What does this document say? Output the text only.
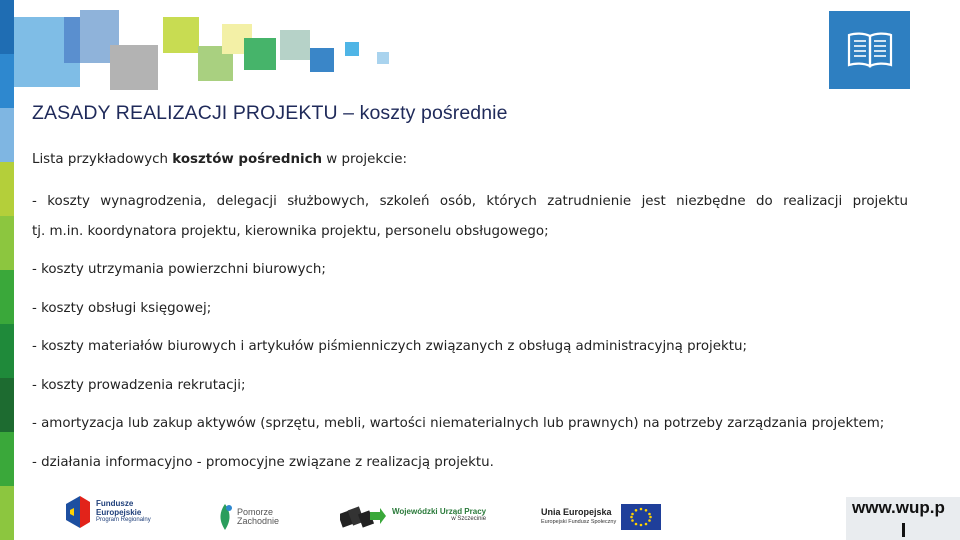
ZASADY REALIZACJI PROJEKTU – koszty pośrednie
Lista przykładowych kosztów pośrednich w projekcie:
- koszty wynagrodzenia, delegacji służbowych, szkoleń osób, których zatrudnienie jest niezbędne do realizacji projektu
tj. m.in. koordynatora projektu, kierownika projektu, personelu obsługowego;
- koszty utrzymania powierzchni biurowych;
- koszty obsługi księgowej;
- koszty materiałów biurowych i artykułów piśmienniczych związanych z obsługą administracyjną projektu;
- koszty prowadzenia rekrutacji;
- amortyzacja lub zakup aktywów (sprzętu, mebli, wartości niematerialnych lub prawnych) na potrzeby zarządzania projektem;
- działania informacyjno - promocyjne związane z realizacją projektu.
Fundusze
Europejskie
Program Regionalny
Pomorze
Zachodnie
Wojewódzki Urząd Pracy
w Szczecinie
Unia Europejska
Europejski Fundusz Społeczny
www.wup.p
